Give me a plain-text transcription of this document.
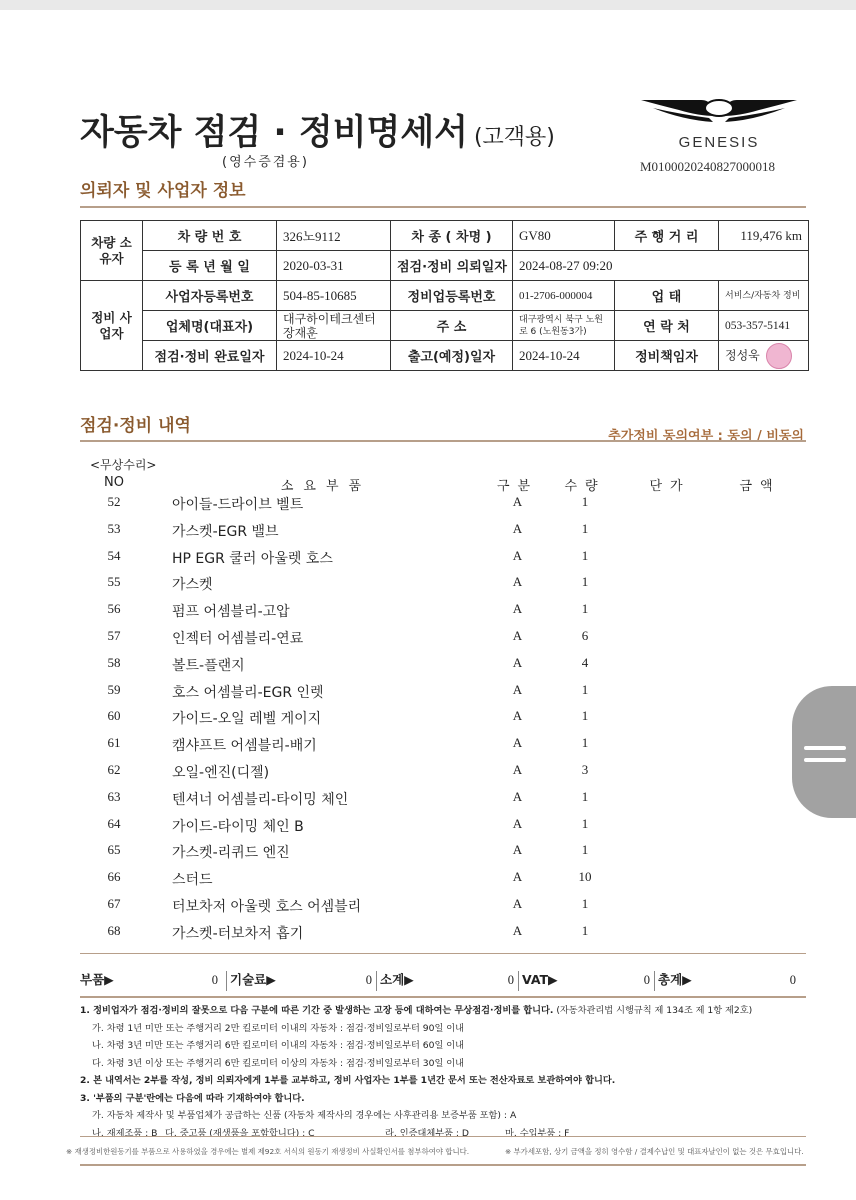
자동차 점검 · 정비명세서 (고객용)
(영수증겸용)
GENESIS
M0100020240827000018
의뢰자 및 사업자 정보
차량 소유자	차 량 번 호	326노9112	차 종 ( 차명 )	GV80	주 행 거 리	119,476 km
	등 록 년 월 일	2020-03-31	점검·정비 의뢰일자	2024-08-27 09:20		
정비 사업자	사업자등록번호	504-85-10685	정비업등록번호	01-2706-000004	업 태	서비스/자동차 정비
	업체명(대표자)	대구하이테크센터 장재훈	주 소	대구광역시 북구 노원로 6 (노원동3가)	연 락 처	053-357-5141
	점검·정비 완료일자	2024-10-24	출고(예정)일자	2024-10-24	정비책임자	정성욱
점검·정비 내역
추가정비 동의여부 : 동의 / 비동의
<무상수리>
NO	소요부품	구분	수량	단가	금액
52	아이들-드라이브 벨트	A	1
53	가스켓-EGR 밸브	A	1
54	HP EGR 쿨러 아울렛 호스	A	1
55	가스켓	A	1
56	펌프 어셈블리-고압	A	1
57	인젝터 어셈블리-연료	A	6
58	볼트-플랜지	A	4
59	호스 어셈블리-EGR 인렛	A	1
60	가이드-오일 레벨 게이지	A	1
61	캠샤프트 어셈블리-배기	A	1
62	오일-엔진(디젤)	A	3
63	텐셔너 어셈블리-타이밍 체인	A	1
64	가이드-타이밍 체인 B	A	1
65	가스켓-리퀴드 엔진	A	1
66	스터드	A	10
67	터보차저 아울렛 호스 어셈블리	A	1
68	가스켓-터보차저 흡기	A	1
부품▶	0 기술료▶	0 소계▶	0 VAT▶	0 총계▶	0
1. 정비업자가 점검·정비의 잘못으로 다음 구분에 따른 기간 중 발생하는 고장 등에 대하여는 무상점검·정비를 합니다. (자동차관리법 시행규칙 제 134조 제 1항 제2호)
가. 차령 1년 미만 또는 주행거리 2만 킬로미터 이내의 자동차 : 점검·정비일로부터 90일 이내
나. 차령 3년 미만 또는 주행거리 6만 킬로미터 이내의 자동차 : 점검·정비일로부터 60일 이내
다. 차령 3년 이상 또는 주행거리 6만 킬로미터 이상의 자동차 : 점검·정비일로부터 30일 이내
2. 본 내역서는 2부를 작성, 정비 의뢰자에게 1부를 교부하고, 정비 사업자는 1부를 1년간 문서 또는 전산자료로 보관하여야 합니다.
3. '부품의 구분'란에는 다음에 따라 기재하여야 합니다.
가. 자동차 제작사 및 부품업체가 공급하는 신품 (자동차 제작사의 경우에는 사후관리용 보증부품 포함) : A
나. 재제조품 : B 다. 중고품 (재생품을 포함합니다) : C	라. 인증대체부품 : D	마. 수입부품 : F
※ 재생정비한원동기를 부품으로 사용하였을 경우에는 별제 제92호 서식의 원동기 재생정비 사실확인서를 첨부하여야 합니다.	※ 부가세포함, 상기 금액을 정히 영수함 / 결제수납인 및 대표자날인이 없는 것은 무효입니다.
